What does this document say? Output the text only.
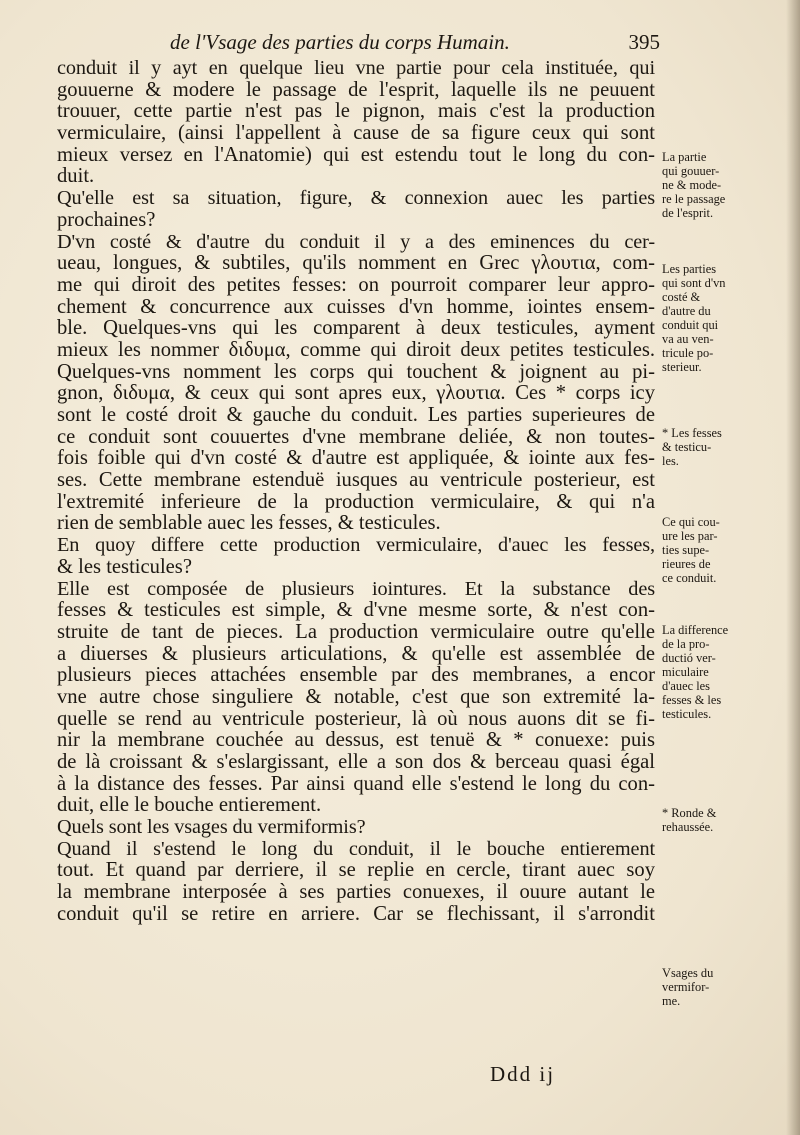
de l'Vsage des parties du corps Humain.	395

conduit il y ayt en quelque lieu vne partie pour cela instituée, qui
gouuerne & modere le passage de l'esprit, laquelle ils ne peuuent
trouuer, cette partie n'est pas le pignon, mais c'est la production
vermiculaire, (ainsi l'appellent à cause de sa figure ceux qui sont
mieux versez en l'Anatomie) qui est estendu tout le long du con-
duit.

Qu'elle est sa situation, figure, & connexion auec les parties
prochaines?

D'vn costé & d'autre du conduit il y a des eminences du cer-
ueau, longues, & subtiles, qu'ils nomment en Grec γλουτια, com-
me qui diroit des petites fesses: on pourroit comparer leur appro-
chement & concurrence aux cuisses d'vn homme, iointes ensem-
ble. Quelques-vns qui les comparent à deux testicules, ayment
mieux les nommer διδυμα, comme qui diroit deux petites testicules.
Quelques-vns nomment les corps qui touchent & joignent au pi-
gnon, διδυμα, & ceux qui sont apres eux, γλουτια. Ces * corps icy
sont le costé droit & gauche du conduit. Les parties superieures de
ce conduit sont couuertes d'vne membrane deliée, & non toutes-
fois foible qui d'vn costé & d'autre est appliquée, & iointe aux fes-
ses. Cette membrane estenduë iusques au ventricule posterieur, est
l'extremité inferieure de la production vermiculaire, & qui n'a
rien de semblable auec les fesses, & testicules.

En quoy differe cette production vermiculaire, d'auec les fesses,
& les testicules?

Elle est composée de plusieurs iointures. Et la substance des
fesses & testicules est simple, & d'vne mesme sorte, & n'est con-
struite de tant de pieces. La production vermiculaire outre qu'elle
a diuerses & plusieurs articulations, & qu'elle est assemblée de
plusieurs pieces attachées ensemble par des membranes, a encor
vne autre chose singuliere & notable, c'est que son extremité la-
quelle se rend au ventricule posterieur, là où nous auons dit se fi-
nir la membrane couchée au dessus, est tenuë & * conuexe: puis
de là croissant & s'eslargissant, elle a son dos & berceau quasi égal
à la distance des fesses. Par ainsi quand elle s'estend le long du con-
duit, elle le bouche entierement.

Quels sont les vsages du vermiformis?

Quand il s'estend le long du conduit, il le bouche entierement
tout. Et quand par derriere, il se replie en cercle, tirant auec soy
la membrane interposée à ses parties conuexes, il ouure autant le
conduit qu'il se retire en arriere. Car se flechissant, il s'arrondit

La partie
qui gouuer-
ne & mode-
re le passage
de l'esprit.
Les parties
qui sont d'vn
costé &
d'autre du
conduit qui
va au ven-
tricule po-
sterieur.
* Les fesses
& testicu-
les.
Ce qui cou-
ure les par-
ties supe-
rieures de
ce conduit.
La difference
de la pro-
ductió ver-
miculaire
d'auec les
fesses & les
testicules.
* Ronde &
rehaussée.
Vsages du
vermifor-
me.
Ddd ij
